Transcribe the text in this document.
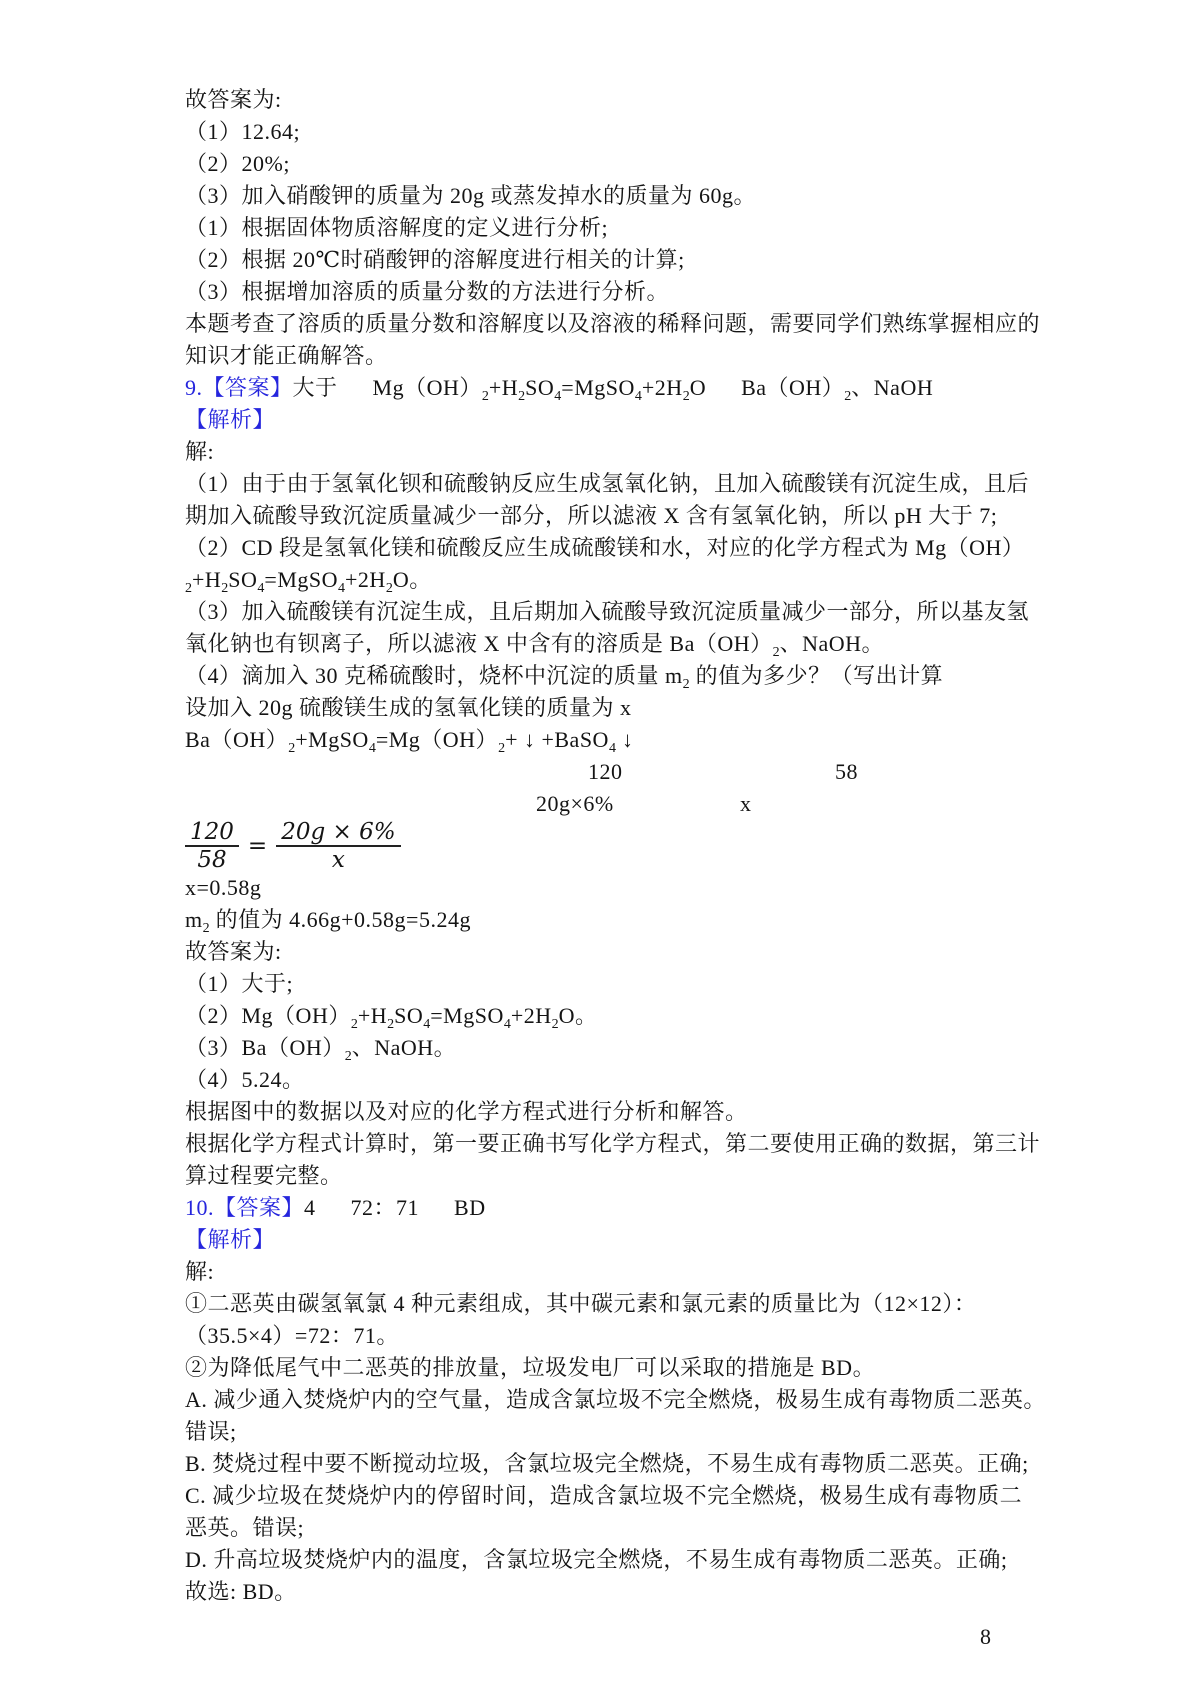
故答案为:
（1）12.64;
（2）20%;
（3）加入硝酸钾的质量为 20g 或蒸发掉水的质量为 60g。
（1）根据固体物质溶解度的定义进行分析;
（2）根据 20℃时硝酸钾的溶解度进行相关的计算;
（3）根据增加溶质的质量分数的方法进行分析。
本题考查了溶质的质量分数和溶解度以及溶液的稀释问题，需要同学们熟练掌握相应的
知识才能正确解答。
9.【答案】大于 $Mg(OH)_2+H_2SO_4=MgSO_4+2H_2O$ $Ba(OH)_2$、NaOH
【解析】
解:
（1）由于由于氢氧化钡和硫酸钠反应生成氢氧化钠，且加入硫酸镁有沉淀生成，且后
期加入硫酸导致沉淀质量减少一部分，所以滤液 X 含有氢氧化钠，所以 pH 大于 7;
（2）CD 段是氢氧化镁和硫酸反应生成硫酸镁和水，对应的化学方程式为 Mg（OH）
$_2+H_2SO_4=MgSO_4+2H_2O$。
（3）加入硫酸镁有沉淀生成，且后期加入硫酸导致沉淀质量减少一部分，所以基友氢
氧化钠也有钡离子，所以滤液 X 中含有的溶质是 $Ba(OH)_2$、NaOH。
（4）滴加入 30 克稀硫酸时，烧杯中沉淀的质量 $m_2$ 的值为多少？（写出计算
设加入 20g 硫酸镁生成的氢氧化镁的质量为 x
$Ba(OH)_2+MgSO_4=Mg(OH)_2+$ ↓ +BaSO$_4$ ↓
120	58
20g×6%	x
$\frac{120}{58} = \frac{20g \times 6\%}{x}$
x=0.58g
$m_2$ 的值为 4.66g+0.58g=5.24g
故答案为:
（1）大于;
$(2)Mg(OH)_2+H_2SO_4=MgSO_4+2H_2O$。
$(3)Ba(OH)_2$、NaOH。
（4）5.24。
根据图中的数据以及对应的化学方程式进行分析和解答。
根据化学方程式计算时，第一要正确书写化学方程式，第二要使用正确的数据，第三计
算过程要完整。
10.【答案】4 72：71 BD
【解析】
解:
①二恶英由碳氢氧氯 4 种元素组成，其中碳元素和氯元素的质量比为（12×12）：
（35.5×4）=72：71。
②为降低尾气中二恶英的排放量，垃圾发电厂可以采取的措施是 BD。
A. 减少通入焚烧炉内的空气量，造成含氯垃圾不完全燃烧，极易生成有毒物质二恶英。
错误;
B. 焚烧过程中要不断搅动垃圾，含氯垃圾完全燃烧，不易生成有毒物质二恶英。正确;
C. 减少垃圾在焚烧炉内的停留时间，造成含氯垃圾不完全燃烧，极易生成有毒物质二
恶英。错误;
D. 升高垃圾焚烧炉内的温度，含氯垃圾完全燃烧，不易生成有毒物质二恶英。正确;
故选: BD。
8
